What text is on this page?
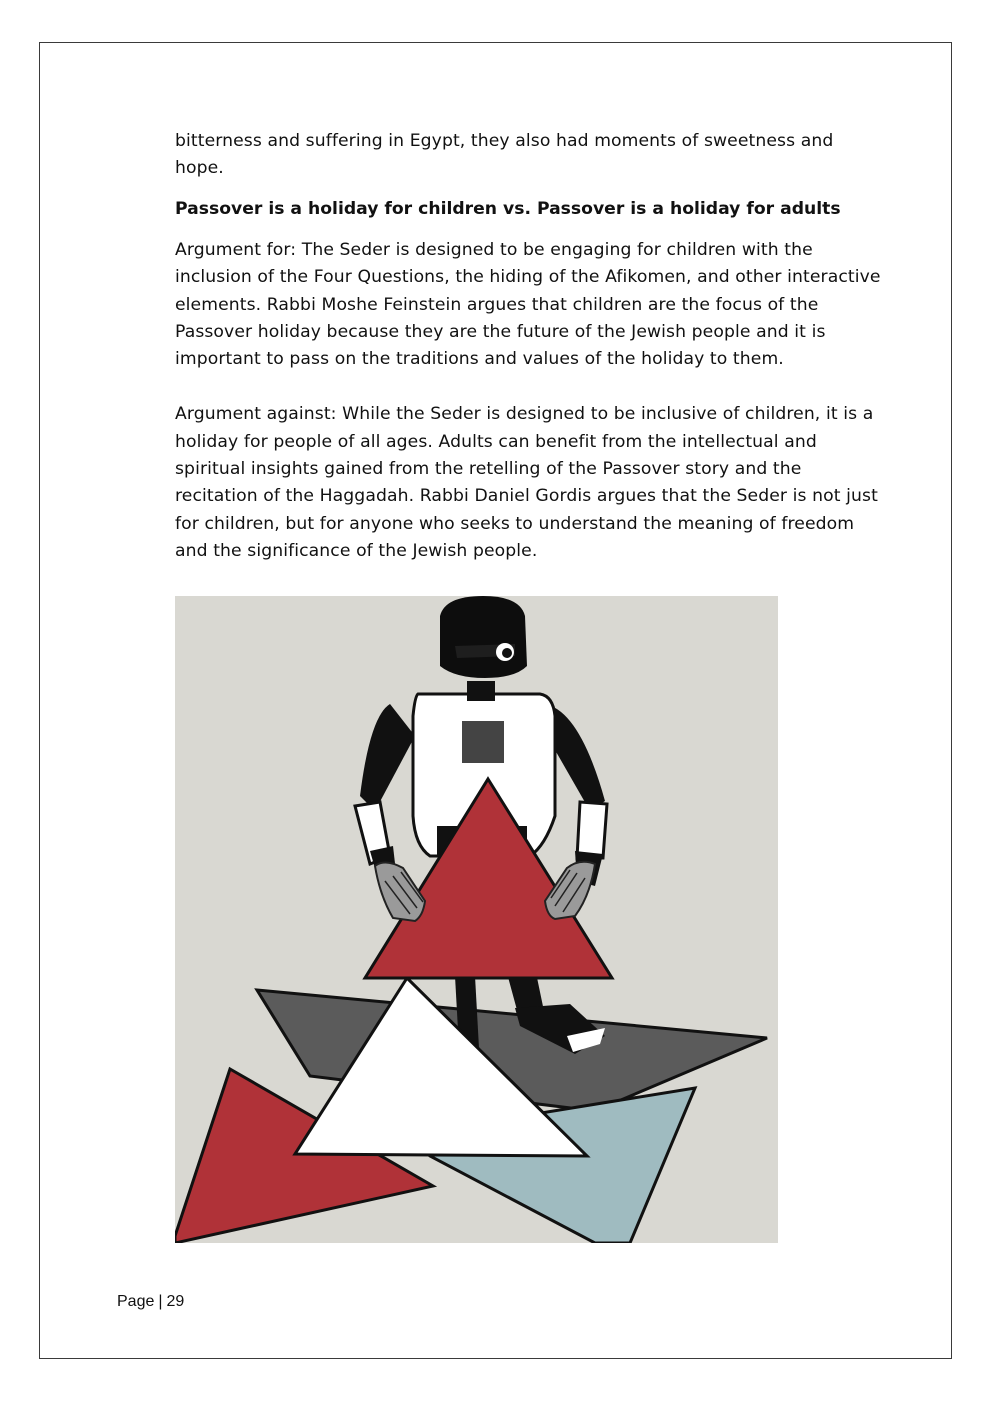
bitterness and suffering in Egypt, they also had moments of sweetness and hope.

Passover is a holiday for children vs. Passover is a holiday for adults

Argument for: The Seder is designed to be engaging for children with the inclusion of the Four Questions, the hiding of the Afikomen, and other interactive elements. Rabbi Moshe Feinstein argues that children are the focus of the Passover holiday because they are the future of the Jewish people and it is important to pass on the traditions and values of the holiday to them.

Argument against: While the Seder is designed to be inclusive of children, it is a holiday for people of all ages. Adults can benefit from the intellectual and spiritual insights gained from the retelling of the Passover story and the recitation of the Haggadah. Rabbi Daniel Gordis argues that the Seder is not just for children, but for anyone who seeks to understand the meaning of freedom and the significance of the Jewish people.

Page | 29
